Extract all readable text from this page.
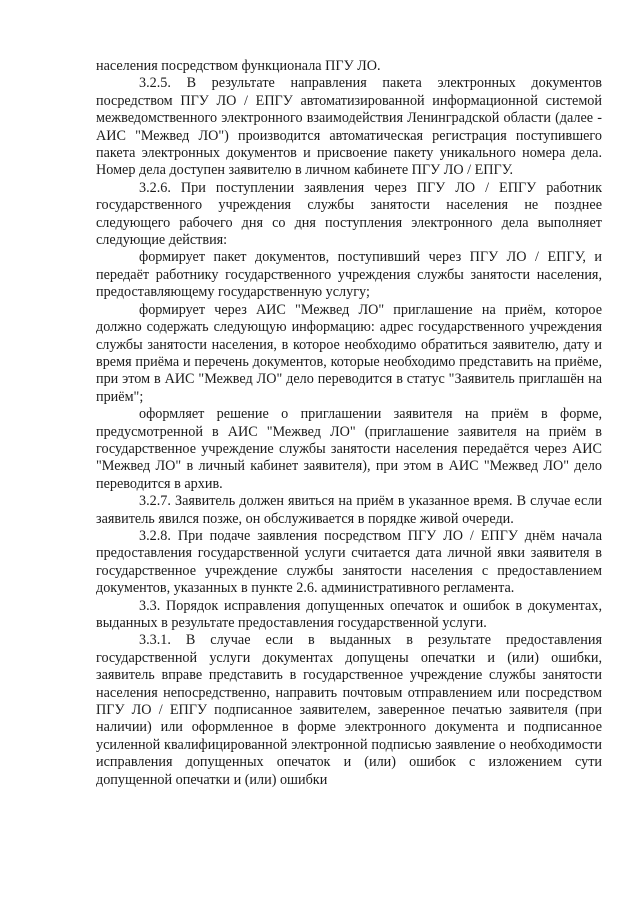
населения посредством функционала ПГУ ЛО.

3.2.5. В результате направления пакета электронных документов посредством ПГУ ЛО / ЕПГУ автоматизированной информационной системой межведомственного электронного взаимодействия Ленинградской области (далее - АИС "Межвед ЛО") производится автоматическая регистрация поступившего пакета электронных документов и присвоение пакету уникального номера дела. Номер дела доступен заявителю в личном кабинете ПГУ ЛО / ЕПГУ.

3.2.6. При поступлении заявления через ПГУ ЛО / ЕПГУ работник государственного учреждения службы занятости населения не позднее следующего рабочего дня со дня поступления электронного дела выполняет следующие действия:

формирует пакет документов, поступивший через ПГУ ЛО / ЕПГУ, и передаёт работнику государственного учреждения службы занятости населения, предоставляющему государственную услугу;

формирует через АИС "Межвед ЛО" приглашение на приём, которое должно содержать следующую информацию: адрес государственного учреждения службы занятости населения, в которое необходимо обратиться заявителю, дату и время приёма и перечень документов, которые необходимо представить на приёме, при этом в АИС "Межвед ЛО" дело переводится в статус "Заявитель приглашён на приём";

оформляет решение о приглашении заявителя на приём в форме, предусмотренной в АИС "Межвед ЛО" (приглашение заявителя на приём в государственное учреждение службы занятости населения передаётся через АИС "Межвед ЛО" в личный кабинет заявителя), при этом в АИС "Межвед ЛО" дело переводится в архив.

3.2.7. Заявитель должен явиться на приём в указанное время. В случае если заявитель явился позже, он обслуживается в порядке живой очереди.

3.2.8. При подаче заявления посредством ПГУ ЛО / ЕПГУ днём начала предоставления государственной услуги считается дата личной явки заявителя в государственное учреждение службы занятости населения с предоставлением документов, указанных в пункте 2.6. административного регламента.

3.3. Порядок исправления допущенных опечаток и ошибок в документах, выданных в результате предоставления государственной услуги.

3.3.1. В случае если в выданных в результате предоставления государственной услуги документах допущены опечатки и (или) ошибки, заявитель вправе представить в государственное учреждение службы занятости населения непосредственно, направить почтовым отправлением или посредством ПГУ ЛО / ЕПГУ подписанное заявителем, заверенное печатью заявителя (при наличии) или оформленное в форме электронного документа и подписанное усиленной квалифицированной электронной подписью заявление о необходимости исправления допущенных опечаток и (или) ошибок с изложением сути допущенной опечатки и (или) ошибки
